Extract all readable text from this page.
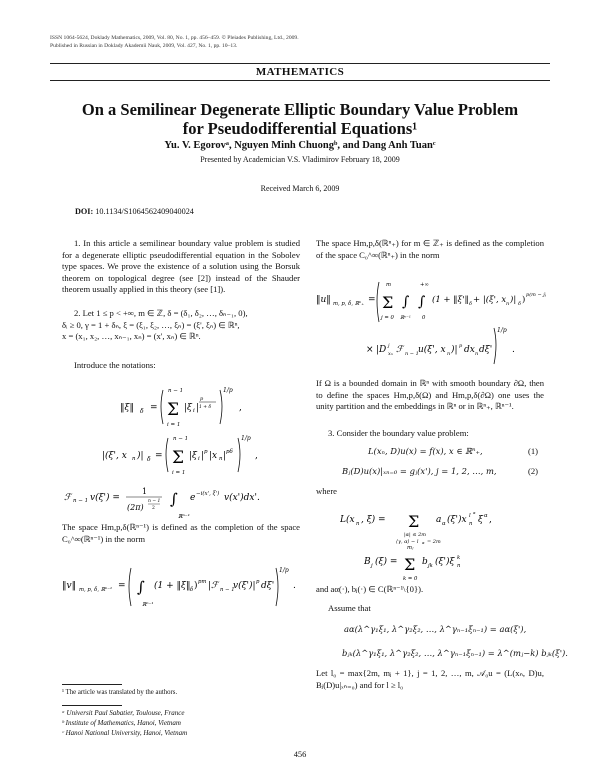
ISSN 1064-5624, Doklady Mathematics, 2009, Vol. 80, No. 1, pp. 456–459. © Pleiades Publishing, Ltd., 2009.
Published in Russian in Doklady Akademii Nauk, 2009, Vol. 427, No. 1, pp. 10–13.
MATHEMATICS
On a Semilinear Degenerate Elliptic Boundary Value Problem
for Pseudodifferential Equations¹
Yu. V. Egorovᵃ, Nguyen Minh Chuongᵇ, and Dang Anh Tuanᶜ
Presented by Academician V.S. Vladimirov February 18, 2009
Received March 6, 2009
DOI: 10.1134/S1064562409040024
1. In this article a semilinear boundary value problem is studied for a degenerate elliptic pseudodifferential equation in the Sobolev type spaces. We prove the existence of a solution using the Borsuk theorem on topological degree (see [2]) instead of the Shauder theorem usually applied in this theory (see [1]).
2. Let 1 ≤ p < +∞, m ∈ ℤ, δ = (δ₁, δ₂, …, δₙ₋₁, 0),
δᵢ ≥ 0, γ = 1 + δₙ, ξ = (ξ₁, ξ₂, …, ξₙ) = (ξ', ξₙ) ∈ ℝⁿ,
x = (x₁, x₂, …, xₙ₋₁, xₙ) = (x', xₙ) ∈ ℝⁿ.
Introduce the notations:
‖ξ‖ δ =
n − 1
Σ
i = 1
|ξ i |
p
1 + δ
1/p
,
|(ξ', x n )| δ =
n − 1
Σ
i = 1
|ξ i | p |x n | pδ
1/p
,
ℱ n − 1 v(ξ') =
1
(2π)
n − 1
2
∫
ℝⁿ⁻¹
e −i(x', ξ') v(x')dx'.
The space Hm,p,δ(ℝⁿ⁻¹) is defined as the completion of the space C₀^∞(ℝⁿ⁻¹) in the norm
‖v‖ m, p, δ, ℝⁿ⁻¹ = ∫
ℝⁿ⁻¹
(1 + ‖ξ‖ δ ) pm |ℱ n − 1
v(ξ')| p dξ'
1/p
.
¹ The article was translated by the authors.
ᵃ Universit Paul Sabatier, Toulouse, France
ᵇ Institute of Mathematics, Hanoi, Vietnam
ᶜ Hanoi National University, Hanoi, Vietnam
The space Hm,p,δ(ℝⁿ₊) for m ∈ ℤ₊ is defined as the completion of the space C₀^∞(ℝⁿ₊) in the norm
‖u‖ m, p, δ, ℝⁿ₊ =
m
Σ
j = 0
∫
ℝⁿ⁻¹
+∞
∫
0
(1 + ‖ξ'‖ δ + |(ξ', x n )| δ ) p(m − j)
× |D xₙ
j ℱ n − 1 u(ξ', x n )| p dx n dξ'
1/p
.
If Ω is a bounded domain in ℝⁿ with smooth boundary ∂Ω, then to define the spaces Hm,p,δ(Ω) and Hm,p,δ(∂Ω) one uses the unity partition and the embeddings in ℝⁿ or in ℝⁿ₊, ℝⁿ⁻¹.
3. Consider the boundary value problem:
L(xₙ, D)u(x) = f(x), x ∈ ℝⁿ₊,	(1)
Bⱼ(D)u(x)|ₓₙ₌₀ = gⱼ(x'), j = 1, 2, …, m,	(2)
where
L(x n , ξ) = Σ
|α| ≤ 2m
⟨γ, α⟩ − l α = 2m
a α (ξ')x n
l
α
ξ α ,
B j (ξ) =
mⱼ
Σ
k = 0
b jk (ξ')ξ n
k
and aα(·), bⱼ(·) ∈ C(ℝⁿ⁻¹\{0}).
Assume that
aα(λ^γ₁ξ₁, λ^γ₂ξ₂, …, λ^γₙ₋₁ξₙ₋₁) = aα(ξ'),
bⱼₖ(λ^γ₁ξ₁, λ^γ₂ξ₂, …, λ^γₙ₋₁ξₙ₋₁) = λ^(mⱼ−k) bⱼₖ(ξ').
Let l₀ = max{2m, mⱼ + 1}, j = 1, 2, …, m, 𝒜₀u = (L(xₙ, D)u, Bⱼ(D)u|ₓₙ₌₀) and for l ≥ l₀
456
